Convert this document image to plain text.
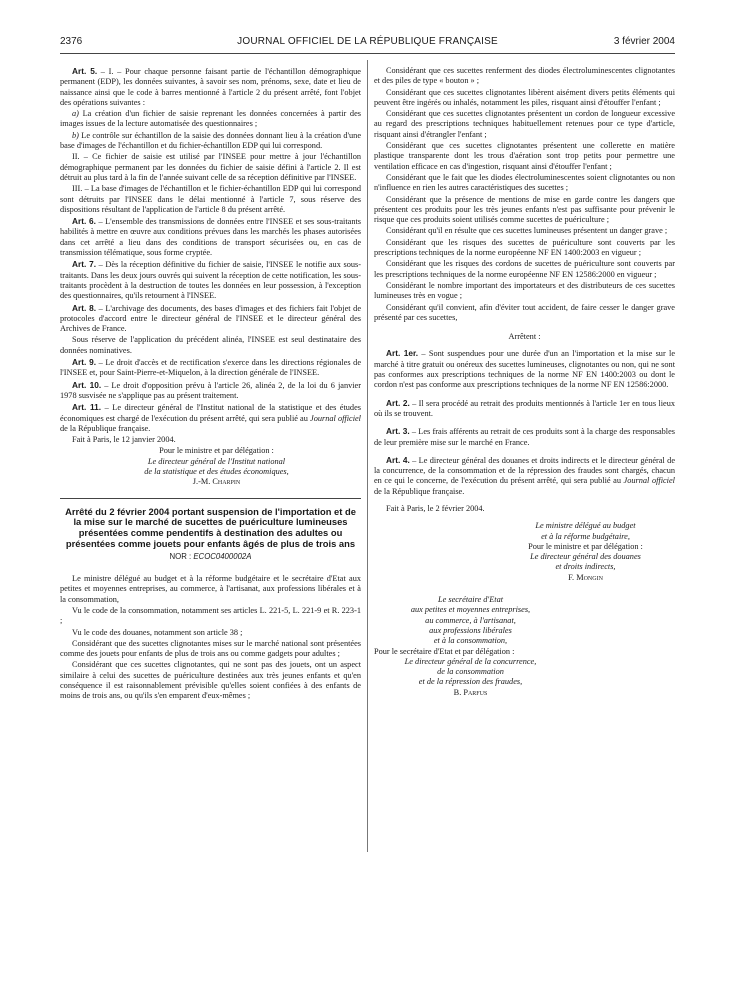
2376	JOURNAL OFFICIEL DE LA RÉPUBLIQUE FRANÇAISE	3 février 2004

Art. 5. – I. – Pour chaque personne faisant partie de l'échantillon démographique permanent (EDP), les données suivantes, à savoir ses nom, prénoms, sexe, date et lieu de naissance ainsi que le code à barres mentionné à l'article 2 du présent arrêté, font l'objet des opérations suivantes :

a) La création d'un fichier de saisie reprenant les données concernées à partir des images issues de la lecture automatisée des questionnaires ;

b) Le contrôle sur échantillon de la saisie des données donnant lieu à la création d'une base d'images de l'échantillon et du fichier-échantillon EDP qui lui correspond.

II. – Ce fichier de saisie est utilisé par l'INSEE pour mettre à jour l'échantillon démographique permanent par les données du fichier de saisie défini à l'article 2. Il est détruit au plus tard à la fin de l'année suivant celle de sa réception définitive par l'INSEE.

III. – La base d'images de l'échantillon et le fichier-échantillon EDP qui lui correspond sont détruits par l'INSEE dans le délai mentionné à l'article 7, sous réserve des dispositions résultant de l'application de l'article 8 du présent arrêté.

Art. 6. – L'ensemble des transmissions de données entre l'INSEE et ses sous-traitants habilités à mettre en œuvre aux conditions prévues dans les marchés les phases autorisées dans cet arrêté a lieu dans des conditions de transport sécurisées ou, en cas de transmission télématique, sous forme cryptée.

Art. 7. – Dès la réception définitive du fichier de saisie, l'INSEE le notifie aux sous-traitants. Dans les deux jours ouvrés qui suivent la réception de cette notification, les sous-traitants procèdent à la destruction de toutes les données en leur possession, à l'exception des questionnaires, qu'ils retournent à l'INSEE.

Art. 8. – L'archivage des documents, des bases d'images et des fichiers fait l'objet de protocoles d'accord entre le directeur général de l'INSEE et le directeur général des Archives de France.

Sous réserve de l'application du précédent alinéa, l'INSEE est seul destinataire des données nominatives.

Art. 9. – Le droit d'accès et de rectification s'exerce dans les directions régionales de l'INSEE et, pour Saint-Pierre-et-Miquelon, à la direction générale de l'INSEE.

Art. 10. – Le droit d'opposition prévu à l'article 26, alinéa 2, de la loi du 6 janvier 1978 susvisée ne s'applique pas au présent traitement.

Art. 11. – Le directeur général de l'Institut national de la statistique et des études économiques est chargé de l'exécution du présent arrêté, qui sera publié au Journal officiel de la République française.

Fait à Paris, le 12 janvier 2004.

Pour le ministre et par délégation :

Le directeur général de l'Institut national

de la statistique et des études économiques,

J.-M. Charpin

Arrêté du 2 février 2004 portant suspension de l'importation et de la mise sur le marché de sucettes de puériculture lumineuses présentées comme pendentifs à destination des adultes ou présentées comme jouets pour enfants âgés de plus de trois ans
NOR : ECOC0400002A

Le ministre délégué au budget et à la réforme budgétaire et le secrétaire d'Etat aux petites et moyennes entreprises, au commerce, à l'artisanat, aux professions libérales et à la consommation,

Vu le code de la consommation, notamment ses articles L. 221-5, L. 221-9 et R. 223-1 ;

Vu le code des douanes, notamment son article 38 ;

Considérant que des sucettes clignotantes mises sur le marché national sont présentées comme des jouets pour enfants de plus de trois ans ou comme gadgets pour adultes ;

Considérant que ces sucettes clignotantes, qui ne sont pas des jouets, ont un aspect similaire à celui des sucettes de puériculture destinées aux très jeunes enfants et qu'en conséquence il est raisonnablement prévisible qu'elles soient confiées à des enfants de moins de trois ans, ou qu'ils s'en emparent d'eux-mêmes ;

Considérant que ces sucettes renferment des diodes électroluminescentes clignotantes et des piles de type « bouton » ;

Considérant que ces sucettes clignotantes libèrent aisément divers petits éléments qui peuvent être ingérés ou inhalés, notamment les piles, risquant ainsi d'étouffer l'enfant ;

Considérant que ces sucettes clignotantes présentent un cordon de longueur excessive au regard des prescriptions techniques habituellement retenues pour ce type d'article, risquant ainsi d'étrangler l'enfant ;

Considérant que ces sucettes clignotantes présentent une collerette en matière plastique transparente dont les trous d'aération sont trop petits pour permettre une ventilation efficace en cas d'ingestion, risquant ainsi d'étouffer l'enfant ;

Considérant que le fait que les diodes électroluminescentes soient clignotantes ou non n'influence en rien les autres caractéristiques des sucettes ;

Considérant que la présence de mentions de mise en garde contre les dangers que présentent ces produits pour les très jeunes enfants n'est pas suffisante pour prévenir le risque que ces produits soient utilisés comme sucettes de puériculture ;

Considérant qu'il en résulte que ces sucettes lumineuses présentent un danger grave ;

Considérant que les risques des sucettes de puériculture sont couverts par les prescriptions techniques de la norme européenne NF EN 1400:2003 en vigueur ;

Considérant que les risques des cordons de sucettes de puériculture sont couverts par les prescriptions techniques de la norme européenne NF EN 12586:2000 en vigueur ;

Considérant le nombre important des importateurs et des distributeurs de ces sucettes lumineuses très en vogue ;

Considérant qu'il convient, afin d'éviter tout accident, de faire cesser le danger grave présenté par ces sucettes,

Arrêtent :

Art. 1er. – Sont suspendues pour une durée d'un an l'importation et la mise sur le marché à titre gratuit ou onéreux des sucettes lumineuses, clignotantes ou non, qui ne sont pas conformes aux prescriptions techniques de la norme NF EN 1400:2003 ou dont le cordon n'est pas conforme aux prescriptions techniques de la norme NF EN 12586:2000.

Art. 2. – Il sera procédé au retrait des produits mentionnés à l'article 1er en tous lieux où ils se trouvent.

Art. 3. – Les frais afférents au retrait de ces produits sont à la charge des responsables de leur première mise sur le marché en France.

Art. 4. – Le directeur général des douanes et droits indirects et le directeur général de la concurrence, de la consommation et de la répression des fraudes sont chargés, chacun en ce qui le concerne, de l'exécution du présent arrêté, qui sera publié au Journal officiel de la République française.

Fait à Paris, le 2 février 2004.

Le ministre délégué au budget

et à la réforme budgétaire,

Pour le ministre et par délégation :

Le directeur général des douanes

et droits indirects,

F. Mongin

Le secrétaire d'Etat

aux petites et moyennes entreprises,

au commerce, à l'artisanat,

aux professions libérales

et à la consommation,

Pour le secrétaire d'Etat et par délégation :

Le directeur général de la concurrence,

de la consommation

et de la répression des fraudes,

B. Parfus
